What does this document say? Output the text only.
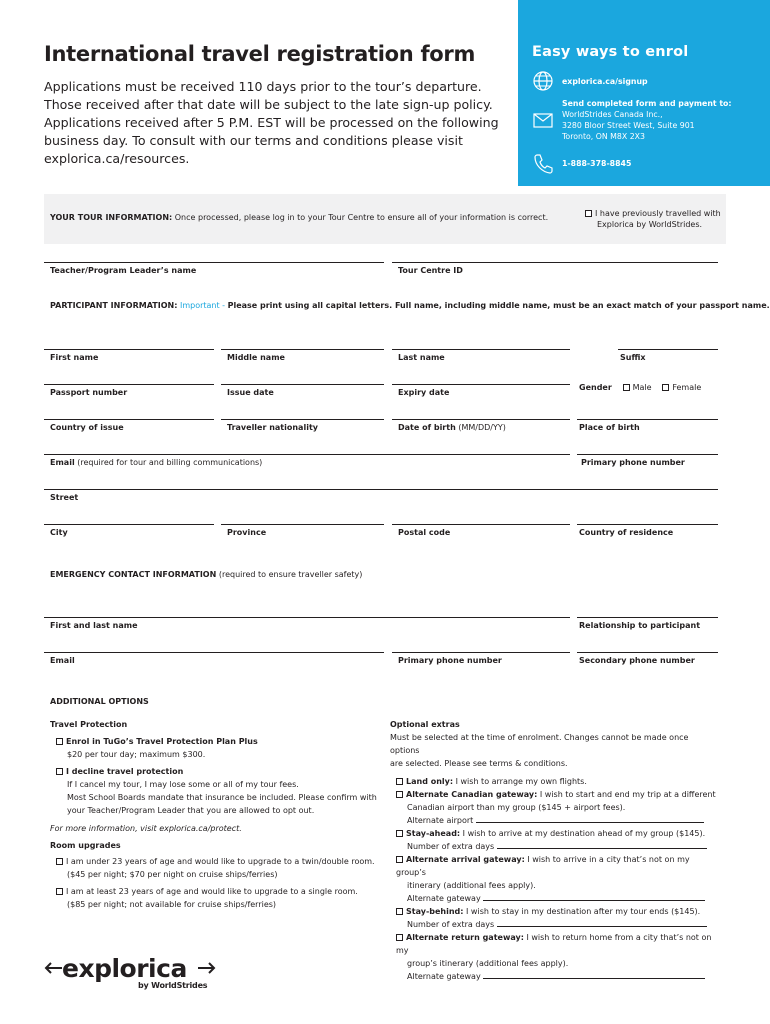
International travel registration form
Applications must be received 110 days prior to the tour’s departure.
Those received after that date will be subject to the late sign-up policy.
Applications received after 5 P.M. EST will be processed on the following
business day. To consult with our terms and conditions please visit
explorica.ca/resources.
Easy ways to enrol
explorica.ca/signup
Send completed form and payment to:
WorldStrides Canada Inc.,
3280 Bloor Street West, Suite 901
Toronto, ON M8X 2X3
1-888-378-8845
YOUR TOUR INFORMATION: Once processed, please log in to your Tour Centre to ensure all of your information is correct.	I have previously travelled with
Explorica by WorldStrides.
Teacher/Program Leader’s name	Tour Centre ID
PARTICIPANT INFORMATION: Important - Please print using all capital letters. Full name, including middle name, must be an exact match of your passport name.
First name	Middle name	Last name	Suffix
Passport number	Issue date	Expiry date
Gender	Male	Female
Country of issue	Traveller nationality	Date of birth (MM/DD/YY)	Place of birth
Email (required for tour and billing communications)	Primary phone number
Street
City	Province	Postal code	Country of residence
EMERGENCY CONTACT INFORMATION (required to ensure traveller safety)
First and last name	Relationship to participant
Email	Primary phone number	Secondary phone number
ADDITIONAL OPTIONS
Travel Protection
Enrol in TuGo’s Travel Protection Plan Plus
$20 per tour day; maximum $300.
I decline travel protection
If I cancel my tour, I may lose some or all of my tour fees.
Most School Boards mandate that insurance be included. Please confirm with
your Teacher/Program Leader that you are allowed to opt out.
For more information, visit explorica.ca/protect.
Room upgrades
I am under 23 years of age and would like to upgrade to a twin/double room.
($45 per night; $70 per night on cruise ships/ferries)
I am at least 23 years of age and would like to upgrade to a single room.
($85 per night; not available for cruise ships/ferries)
Optional extras
Must be selected at the time of enrolment. Changes cannot be made once options
are selected. Please see terms & conditions.
Land only: I wish to arrange my own flights.
Alternate Canadian gateway: I wish to start and end my trip at a different
Canadian airport than my group ($145 + airport fees).
Alternate airport
Stay-ahead: I wish to arrive at my destination ahead of my group ($145).
Number of extra days
Alternate arrival gateway: I wish to arrive in a city that’s not on my group’s
itinerary (additional fees apply).
Alternate gateway
Stay-behind: I wish to stay in my destination after my tour ends ($145).
Number of extra days
Alternate return gateway: I wish to return home from a city that’s not on my
group’s itinerary (additional fees apply).
Alternate gateway
explorica
by WorldStrides
